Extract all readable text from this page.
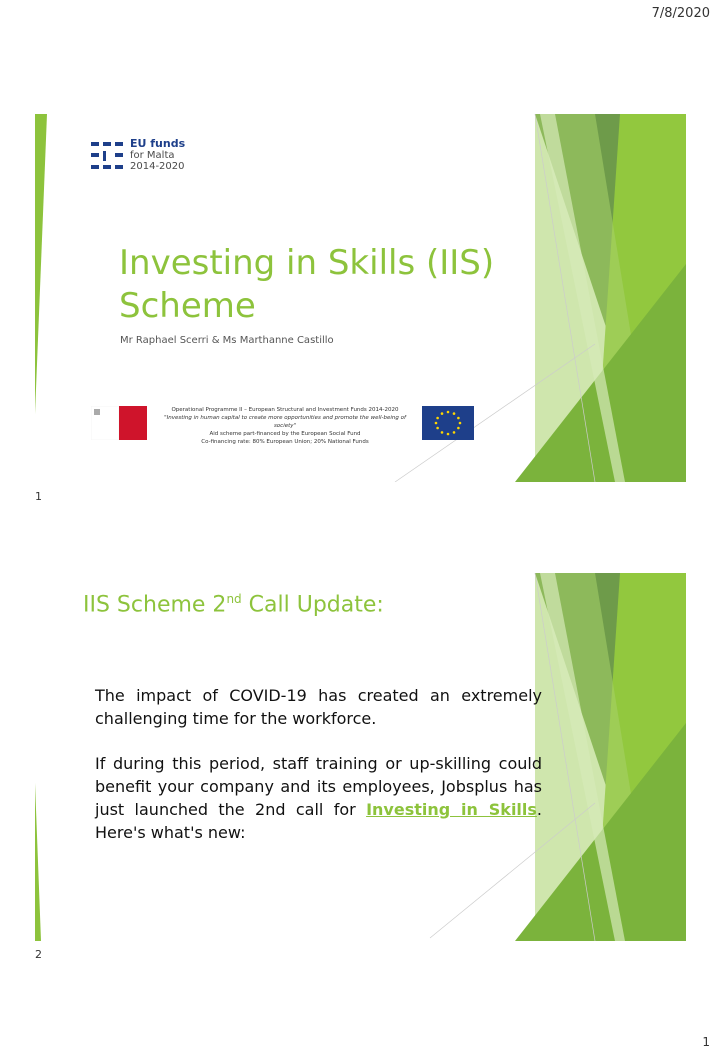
7/8/2020
EU funds
for Malta
2014-2020
Investing in Skills (IIS)
Scheme
Mr Raphael Scerri & Ms Marthanne Castillo
Operational Programme II – European Structural and Investment Funds 2014-2020
"Investing in human capital to create more opportunities and promote the well-being of society"
Aid scheme part-financed by the European Social Fund
Co-financing rate: 80% European Union; 20% National Funds
1
IIS Scheme 2nd Call Update:

The impact of COVID-19 has created an extremely challenging time for the workforce.

If during this period, staff training or up-skilling could benefit your company and its employees, Jobsplus has just launched the 2nd call for Investing in Skills. Here's what's new:

2
1
